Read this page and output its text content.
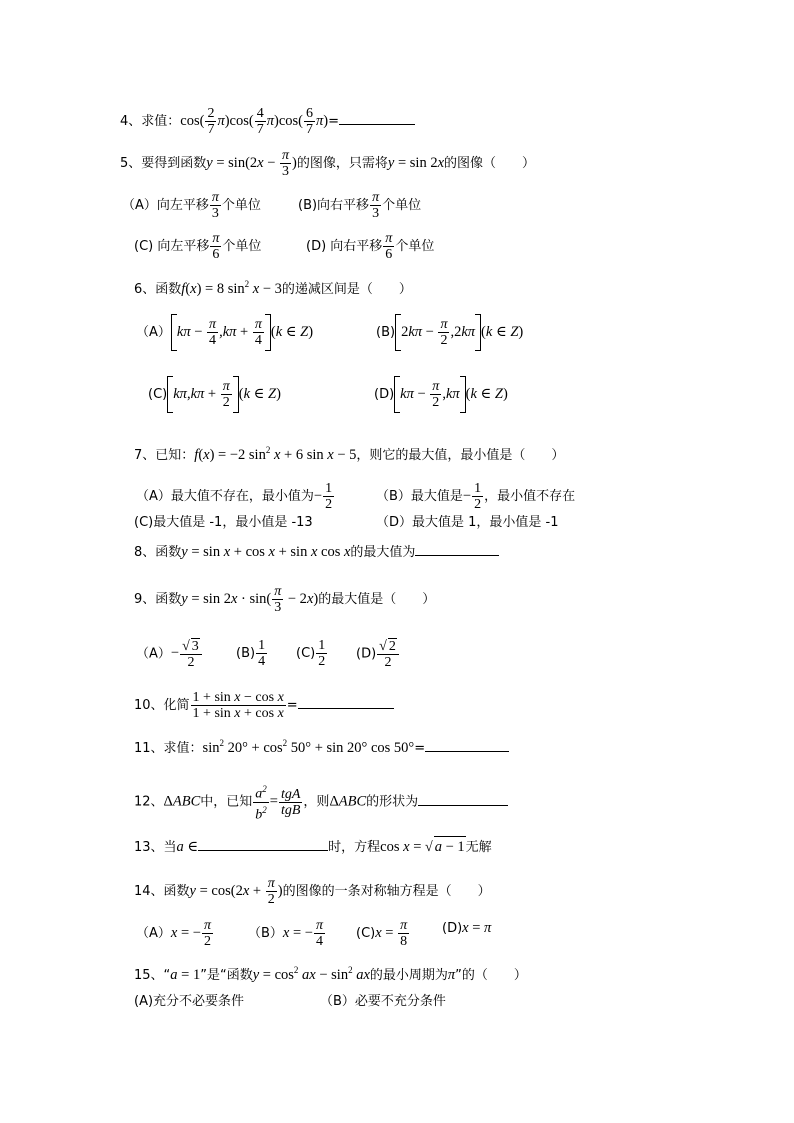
4、求值：$\cos( \frac{2}{7} \pi)\cos( \frac{4}{7} \pi)\cos( \frac{6}{7} \pi)=$
5、要得到函数$y = \sin(2x - \frac{\pi}{3}$ )的图像，只需将y = sin 2x的图像（　　）
（A）向左平移 $\frac{\pi}{3}$ 个单位	(B)向右平移 $\frac{\pi}{3}$ 个单位
(C) 向左平移 $\frac{\pi}{6}$ 个单位	(D) 向右平移 $\frac{\pi}{6}$ 个单位
6、函数f(x) = 8 $\sin^2 x - 3$的递减区间是（　　）
（A） $k\pi - \frac{\pi}{4} ,k\pi + \frac{\pi}{4} (k$ ∈ Z)	(B) $2k\pi - \frac{\pi}{2} ,2k\pi$ (k ∈ Z)
(C) $k\pi,k\pi + \frac{\pi}{2} (k$ ∈ Z)	(D) $k\pi - \frac{\pi}{2} ,k\pi$ (k ∈ Z)
7、已知：f(x) = −2 $\sin^2 x + 6$ sin x − 5，则它的最大值，最小值是（　　）
（A）最大值不存在，最小值为− $\frac{1}{2}$	（B）最大值是− $\frac{1}{2}$ ，最小值不存在
(C)最大值是 -1，最小值是 -13	（D）最大值是 1，最小值是 -1
8、函数y = sin x + cos x + sin x cos x的最大值为
9、函数$y = \sin 2x \cdot \sin( \frac{\pi}{3} - 2x)$的最大值是（　　）
$(A)- \frac{√ 3}{2}$	$(B) \frac{1}{4} (C) \frac{1}{2} (D) \frac{√ 2}{2}$
10、化简 $\frac{\text{1 + sin x − cos x}}{\text{1 + sin x + cos x}}$ =
11、求值：$\sin^2 20^\circ + \cos^2 50^\circ + \sin 20^\circ$ cos 50°=
12、ΔABC中，已知 $\frac{a^2}{b^2}$ = tgA
tgB
，则ΔABC的形状为
13、当a ∈	时，方程cos x = √ a − 1无解
14、函数$y = \cos(2x + \frac{\pi}{2}$ )的图像的一条对称轴方程是（　　）
（A）x = − $\frac{\pi}{2}$	（B）x = − $\frac{\pi}{4} (C)x = \frac{\pi}{8}$	(D)x = π
15、“a = 1”是“函数$y = \cos^2$ ax − $\sin^2$ ax的最小周期为π”的（　　）
(A)充分不必要条件	（B）必要不充分条件
